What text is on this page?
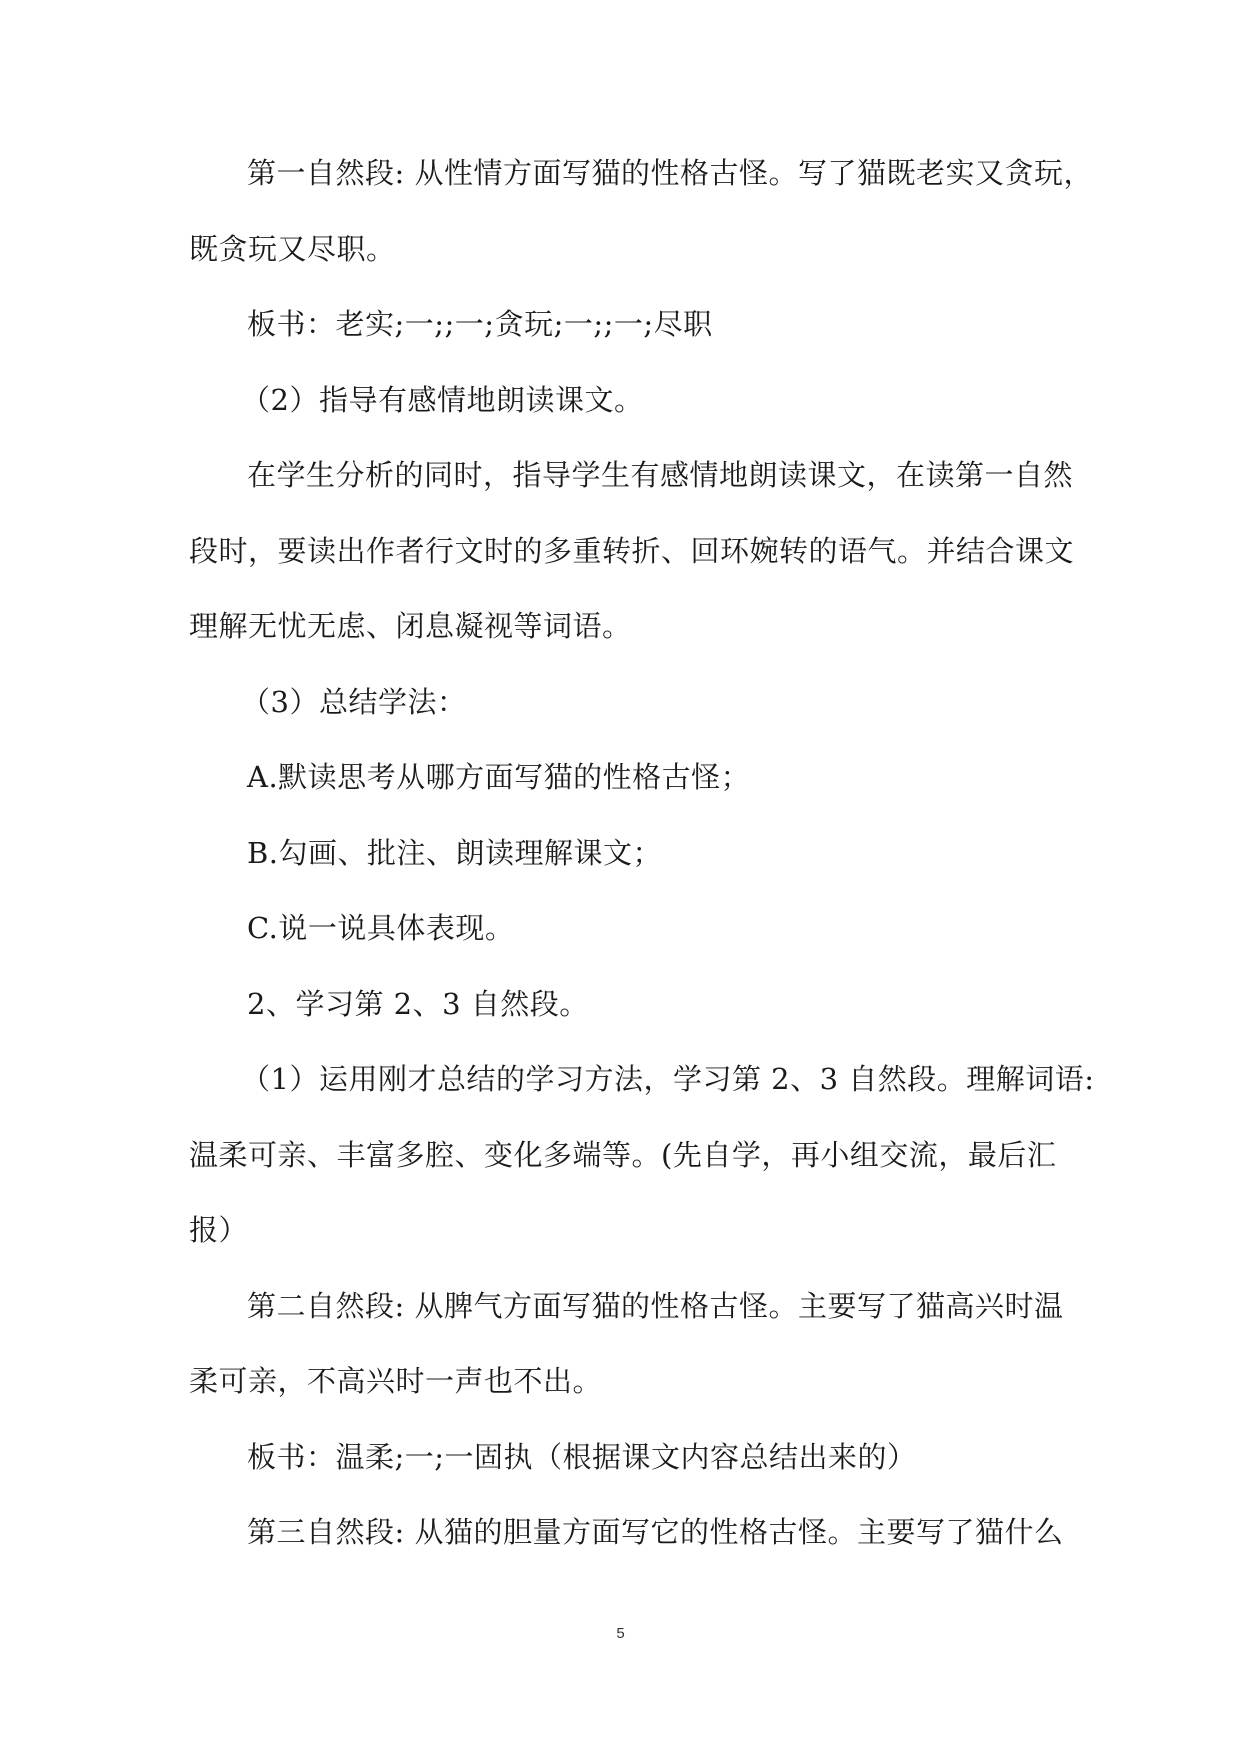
第一自然段: 从性情方面写猫的性格古怪。写了猫既老实又贪玩，
既贪玩又尽职。
板书：老实;一;;一;贪玩;一;;一;尽职
（2）指导有感情地朗读课文。
在学生分析的同时，指导学生有感情地朗读课文，在读第一自然
段时，要读出作者行文时的多重转折、回环婉转的语气。并结合课文
理解无忧无虑、闭息凝视等词语。
（3）总结学法：
A.默读思考从哪方面写猫的性格古怪；
B.勾画、批注、朗读理解课文；
C.说一说具体表现。
2、学习第 2、3 自然段。
（1）运用刚才总结的学习方法，学习第 2、3 自然段。理解词语:
温柔可亲、丰富多腔、变化多端等。(先自学，再小组交流，最后汇
报）
第二自然段: 从脾气方面写猫的性格古怪。主要写了猫高兴时温
柔可亲，不高兴时一声也不出。
板书：温柔;一;一固执（根据课文内容总结出来的）
第三自然段: 从猫的胆量方面写它的性格古怪。主要写了猫什么
5
